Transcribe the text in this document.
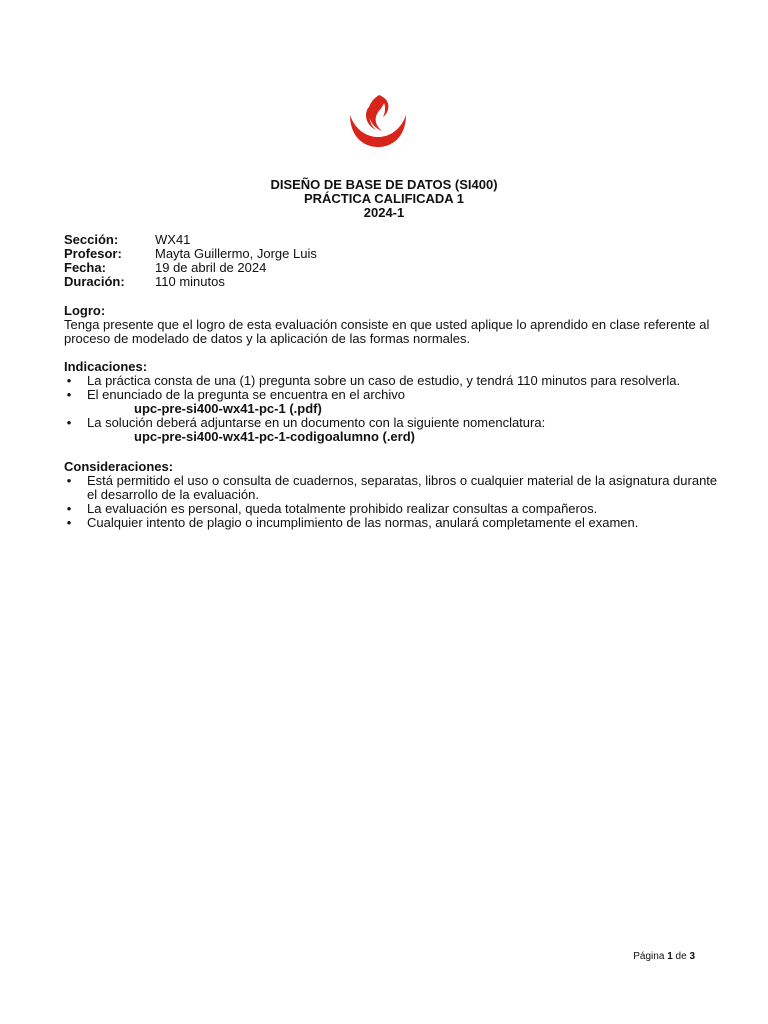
DISEÑO DE BASE DE DATOS (SI400)
PRÁCTICA CALIFICADA 1
2024-1
Sección:	WX41
Profesor:	Mayta Guillermo, Jorge Luis
Fecha:	19 de abril de 2024
Duración: 110 minutos
Logro:
Tenga presente que el logro de esta evaluación consiste en que usted aplique lo aprendido en clase referente al proceso de modelado de datos y la aplicación de las formas normales.
Indicaciones:
• La práctica consta de una (1) pregunta sobre un caso de estudio, y tendrá 110 minutos para resolverla.
• El enunciado de la pregunta se encuentra en el archivo
upc-pre-si400-wx41-pc-1 (.pdf)
• La solución deberá adjuntarse en un documento con la siguiente nomenclatura:
upc-pre-si400-wx41-pc-1-codigoalumno (.erd)
Consideraciones:
• Está permitido el uso o consulta de cuadernos, separatas, libros o cualquier material de la asignatura durante el desarrollo de la evaluación.
• La evaluación es personal, queda totalmente prohibido realizar consultas a compañeros.
• Cualquier intento de plagio o incumplimiento de las normas, anulará completamente el examen.
Página 1 de 3
